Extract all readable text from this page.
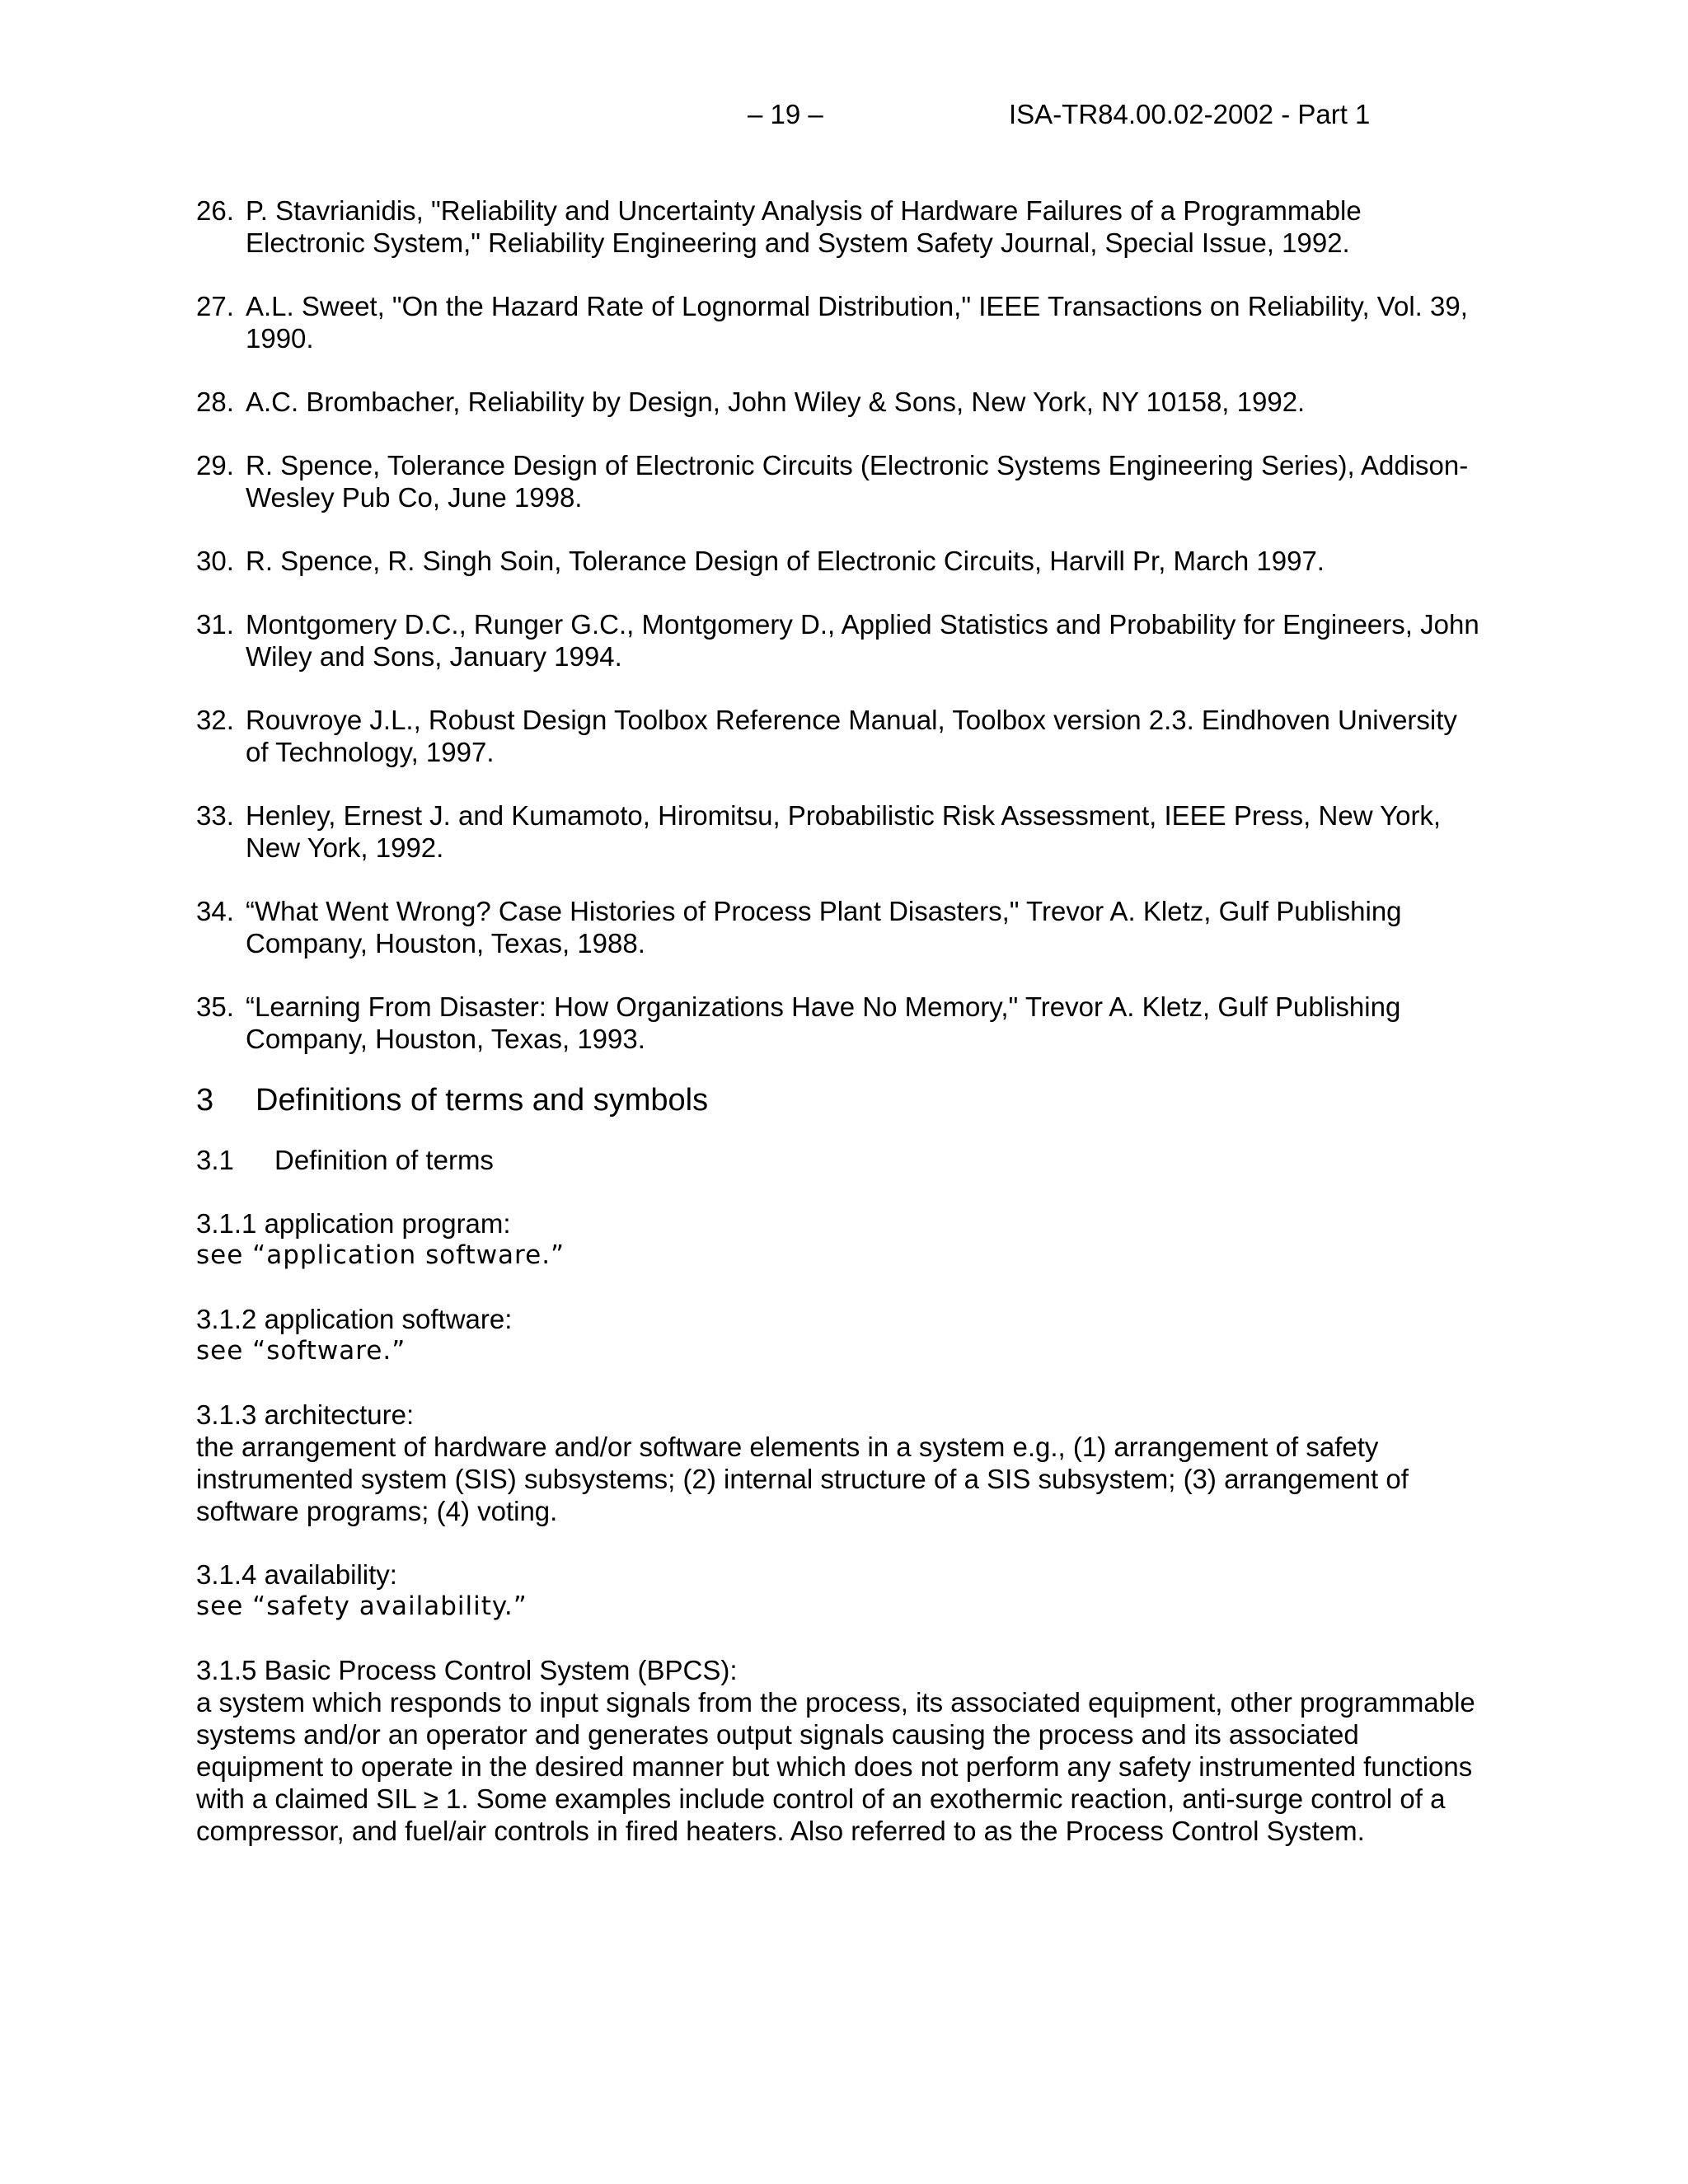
– 19 –	ISA-TR84.00.02-2002 - Part 1
26. P. Stavrianidis, "Reliability and Uncertainty Analysis of Hardware Failures of a Programmable Electronic System," Reliability Engineering and System Safety Journal, Special Issue, 1992.
27. A.L. Sweet, "On the Hazard Rate of Lognormal Distribution," IEEE Transactions on Reliability, Vol. 39, 1990.
28. A.C. Brombacher, Reliability by Design, John Wiley & Sons, New York, NY 10158, 1992.
29. R. Spence, Tolerance Design of Electronic Circuits (Electronic Systems Engineering Series), Addison-Wesley Pub Co, June 1998.
30. R. Spence, R. Singh Soin, Tolerance Design of Electronic Circuits, Harvill Pr, March 1997.
31. Montgomery D.C., Runger G.C., Montgomery D., Applied Statistics and Probability for Engineers, John Wiley and Sons, January 1994.
32. Rouvroye J.L., Robust Design Toolbox Reference Manual, Toolbox version 2.3. Eindhoven University of Technology, 1997.
33. Henley, Ernest J. and Kumamoto, Hiromitsu, Probabilistic Risk Assessment, IEEE Press, New York, New York, 1992.
34. “What Went Wrong? Case Histories of Process Plant Disasters," Trevor A. Kletz, Gulf Publishing Company, Houston, Texas, 1988.
35. “Learning From Disaster: How Organizations Have No Memory," Trevor A. Kletz, Gulf Publishing Company, Houston, Texas, 1993.
3	Definitions of terms and symbols
3.1	Definition of terms
3.1.1 application program:
see “application software.”
3.1.2 application software:
see “software.”
3.1.3 architecture:
the arrangement of hardware and/or software elements in a system e.g., (1) arrangement of safety instrumented system (SIS) subsystems; (2) internal structure of a SIS subsystem; (3) arrangement of software programs; (4) voting.
3.1.4 availability:
see “safety availability.”
3.1.5 Basic Process Control System (BPCS):
a system which responds to input signals from the process, its associated equipment, other programmable systems and/or an operator and generates output signals causing the process and its associated equipment to operate in the desired manner but which does not perform any safety instrumented functions with a claimed SIL ≥ 1. Some examples include control of an exothermic reaction, anti-surge control of a compressor, and fuel/air controls in fired heaters. Also referred to as the Process Control System.
